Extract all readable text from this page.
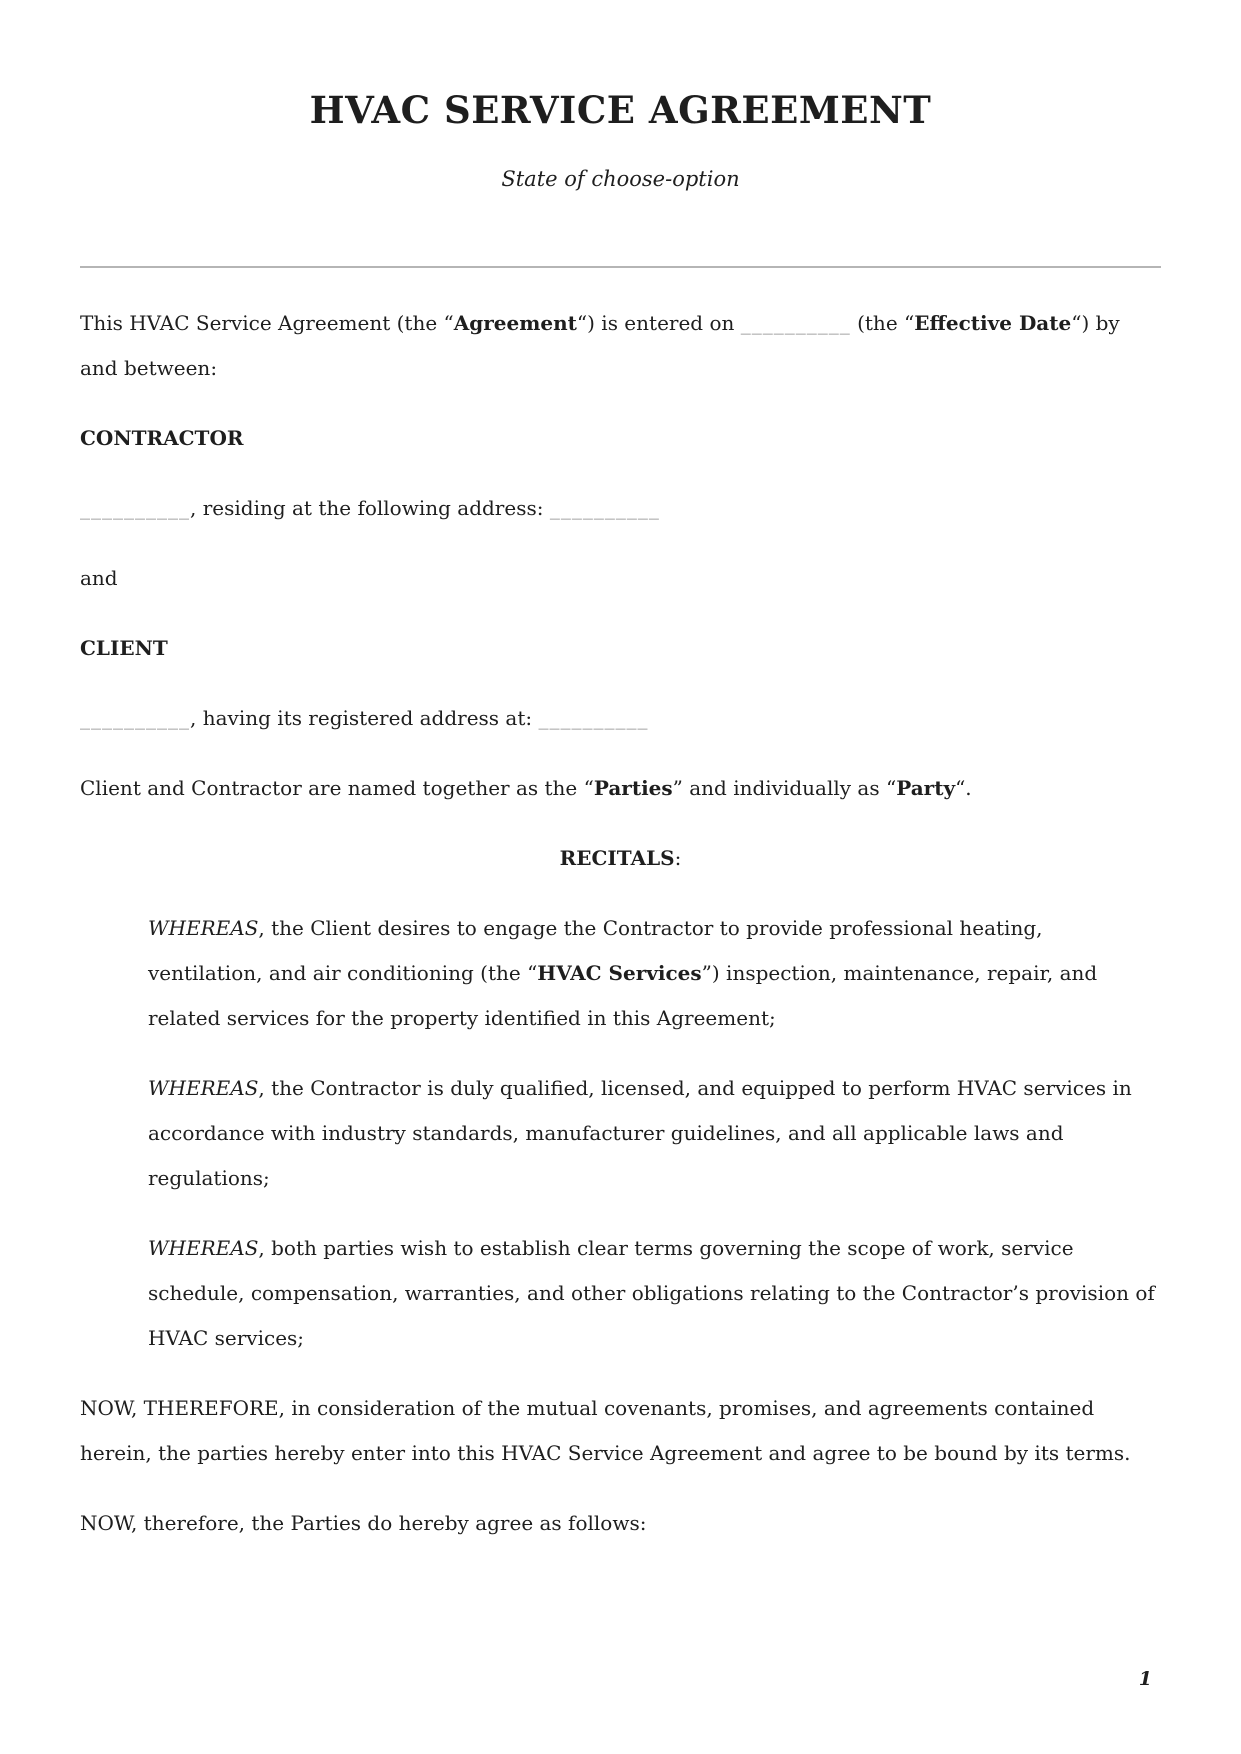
HVAC SERVICE AGREEMENT
State of choose-option

This HVAC Service Agreement (the “Agreement“) is entered on __________ (the “Effective Date“) by and between:

CONTRACTOR

__________, residing at the following address: __________

and

CLIENT

__________, having its registered address at: __________

Client and Contractor are named together as the “Parties” and individually as “Party“.

RECITALS:

WHEREAS, the Client desires to engage the Contractor to provide professional heating, ventilation, and air conditioning (the “HVAC Services”) inspection, maintenance, repair, and related services for the property identified in this Agreement;

WHEREAS, the Contractor is duly qualified, licensed, and equipped to perform HVAC services in accordance with industry standards, manufacturer guidelines, and all applicable laws and regulations;

WHEREAS, both parties wish to establish clear terms governing the scope of work, service schedule, compensation, warranties, and other obligations relating to the Contractor’s provision of HVAC services;

NOW, THEREFORE, in consideration of the mutual covenants, promises, and agreements contained herein, the parties hereby enter into this HVAC Service Agreement and agree to be bound by its terms.

NOW, therefore, the Parties do hereby agree as follows:

1
